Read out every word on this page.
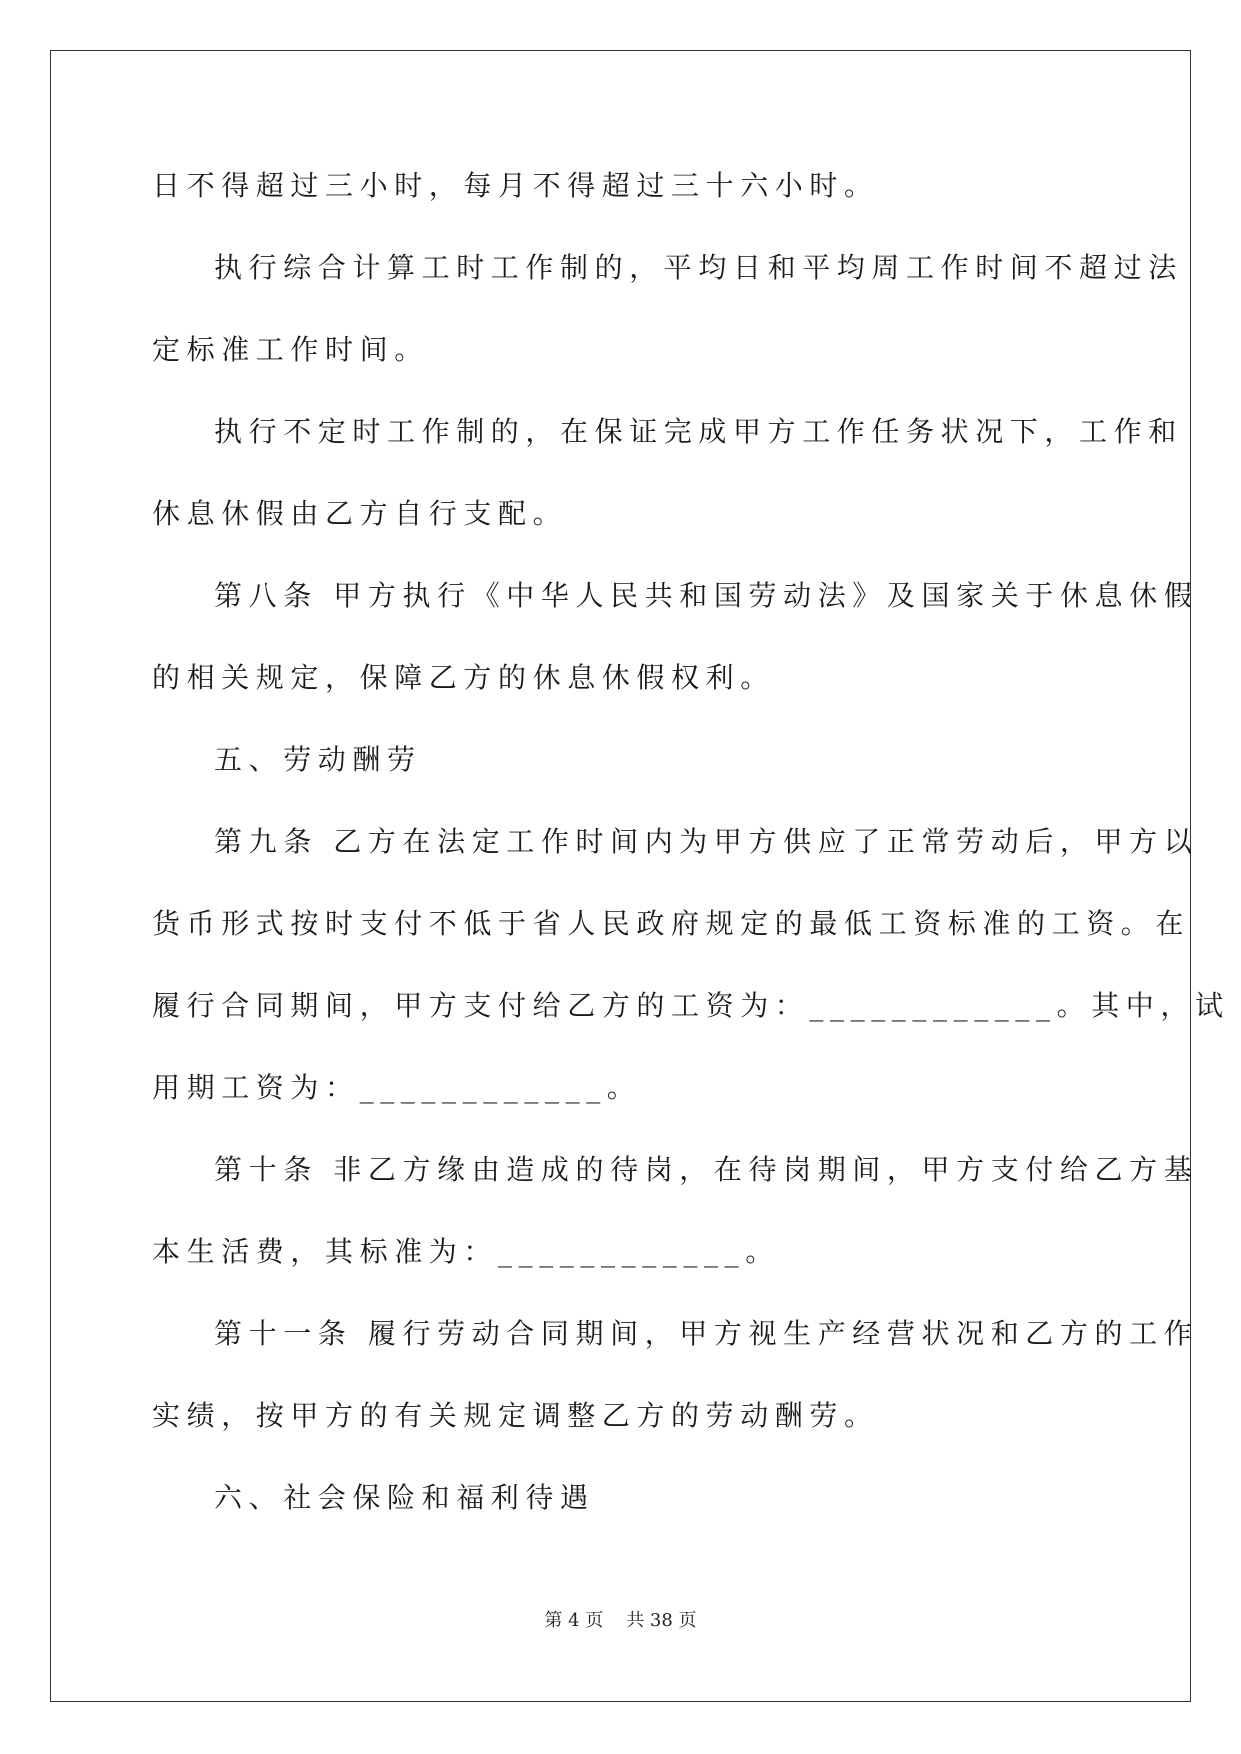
日不得超过三小时，每月不得超过三十六小时。
执行综合计算工时工作制的，平均日和平均周工作时间不超过法
定标准工作时间。
执行不定时工作制的，在保证完成甲方工作任务状况下，工作和
休息休假由乙方自行支配。
第八条 甲方执行《中华人民共和国劳动法》及国家关于休息休假
的相关规定，保障乙方的休息休假权利。
五、劳动酬劳
第九条 乙方在法定工作时间内为甲方供应了正常劳动后，甲方以
货币形式按时支付不低于省人民政府规定的最低工资标准的工资。在
履行合同期间，甲方支付给乙方的工资为：____________。其中，试
用期工资为：____________。
第十条 非乙方缘由造成的待岗，在待岗期间，甲方支付给乙方基
本生活费，其标准为：____________。
第十一条 履行劳动合同期间，甲方视生产经营状况和乙方的工作
实绩，按甲方的有关规定调整乙方的劳动酬劳。
六、社会保险和福利待遇
第 4 页    共 38 页
